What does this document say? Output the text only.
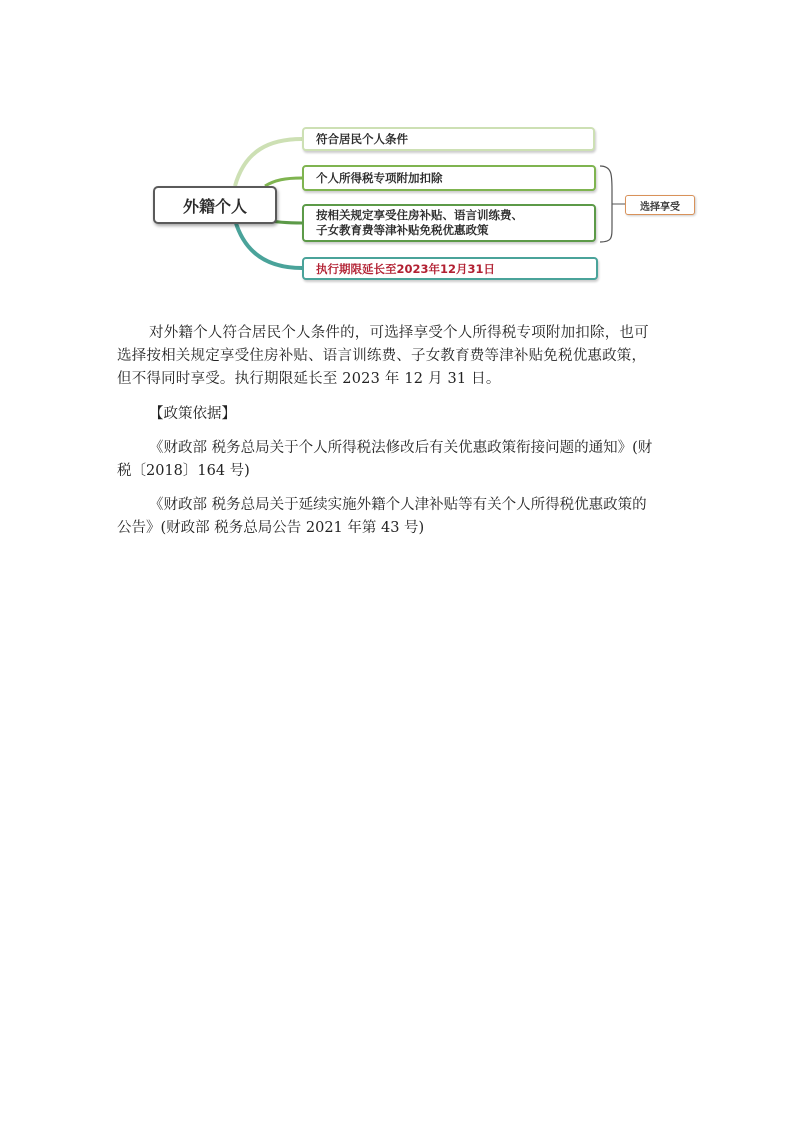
外籍个人
符合居民个人条件
个人所得税专项附加扣除
按相关规定享受住房补贴、语言训练费、
子女教育费等津补贴免税优惠政策
执行期限延长至2023年12月31日
选择享受
对外籍个人符合居民个人条件的，可选择享受个人所得税专项附加扣除，也可
选择按相关规定享受住房补贴、语言训练费、子女教育费等津补贴免税优惠政策，
但不得同时享受。执行期限延长至 2023 年 12 月 31 日。
【政策依据】
《财政部 税务总局关于个人所得税法修改后有关优惠政策衔接问题的通知》(财
税〔2018〕164 号)
《财政部 税务总局关于延续实施外籍个人津补贴等有关个人所得税优惠政策的
公告》(财政部 税务总局公告 2021 年第 43 号)
